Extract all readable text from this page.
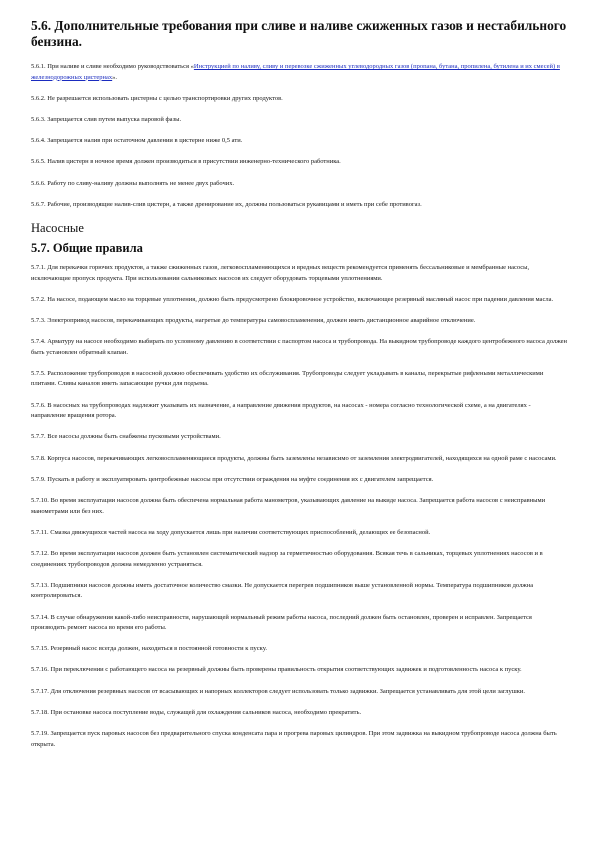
5.6. Дополнительные требования при сливе и наливе сжиженных газов и нестабильного бензина.

5.6.1. При наливе и сливе необходимо руководствоваться «Инструкцией по наливу, сливу и перевозке сжиженных углеводородных газов (пропана, бутана, пропилена, бутилена и их смесей) в железнодорожных цистернах».

5.6.2. Не разрешается использовать цистерны с целью транспортировки других продуктов.

5.6.3. Запрещается слив путем выпуска паровой фазы.

5.6.4. Запрещается налив при остаточном давлении в цистерне ниже 0,5 ати.

5.6.5. Налив цистерн в ночное время должен производиться в присутствии инженерно-технического работника.

5.6.6. Работу по сливу-наливу должны выполнять не менее двух рабочих.

5.6.7. Рабочие, производящие налив-слив цистерн, а также дренирование их, должны пользоваться рукавицами и иметь при себе противогаз.

Насосные
5.7. Общие правила

5.7.1. Для перекачки горючих продуктов, а также сжиженных газов, легковоспламеняющихся и вредных веществ рекомендуется применять бессальниковые и мембранные насосы, исключающие пропуск продукта. При использовании сальниковых насосов их следует оборудовать торцевыми уплотнениями.

5.7.2. На насосе, подающем масло на торцевые уплотнения, должно быть предусмотрено блокировочное устройство, включающее резервный масляный насос при падении давления масла.

5.7.3. Электропривод насосов, перекачивающих продукты, нагретые до температуры самовоспламенения, должен иметь дистанционное аварийное отключение.

5.7.4. Арматуру на насосе необходимо выбирать по условному давлению в соответствии с паспортом насоса и трубопровода. На выкидном трубопроводе каждого центробежного насоса должен быть установлен обратный клапан.

5.7.5. Расположение трубопроводов в насосной должно обеспечивать удобство их обслуживания. Трубопроводы следует укладывать в каналы, перекрытые рифлеными металлическими плитами. Сливы каналов иметь запасающие ручки для подъема.

5.7.6. В насосных на трубопроводах надлежит указывать их назначение, а направление движения продуктов, на насосах - номера согласно технологической схеме, а на двигателях - направление вращения ротора.

5.7.7. Все насосы должны быть снабжены пусковыми устройствами.

5.7.8. Корпуса насосов, перекачивающих легковоспламеняющиеся продукты, должны быть заземлены независимо от заземления электродвигателей, находящихся на одной раме с насосами.

5.7.9. Пускать в работу и эксплуатировать центробежные насосы при отсутствии ограждения на муфте соединения их с двигателем запрещается.

5.7.10. Во время эксплуатации насосов должна быть обеспечена нормальная работа манометров, указывающих давление на выкиде насоса. Запрещается работа насосов с неисправными манометрами или без них.

5.7.11. Смазка движущихся частей насоса на ходу допускается лишь при наличии соответствующих приспособлений, делающих ее безопасной.

5.7.12. Во время эксплуатации насосов должен быть установлен систематический надзор за герметичностью оборудования. Всякая течь в сальниках, торцевых уплотнениях насосов и в соединениях трубопроводов должна немедленно устраняться.

5.7.13. Подшипники насосов должны иметь достаточное количество смазки. Не допускается перегрев подшипников выше установленной нормы. Температура подшипников должна контролироваться.

5.7.14. В случае обнаружения какой-либо неисправности, нарушающей нормальный режим работы насоса, последний должен быть остановлен, проверен и исправлен. Запрещается производить ремонт насоса во время его работы.

5.7.15. Резервный насос всегда должен, находиться в постоянной готовности к пуску.

5.7.16. При переключении с работающего насоса на резервный должны быть проверены правильность открытия соответствующих задвижек и подготовленность насоса к пуску.

5.7.17. Для отключения резервных насосов от всасывающих и напорных коллекторов следует использовать только задвижки. Запрещается устанавливать для этой цели заглушки.

5.7.18. При остановке насоса поступление воды, служащей для охлаждения сальников насоса, необходимо прекратить.

5.7.19. Запрещается пуск паровых насосов без предварительного спуска конденсата пара и прогрева паровых цилиндров. При этом задвижка на выкидном трубопроводе насоса должна быть открыта.
